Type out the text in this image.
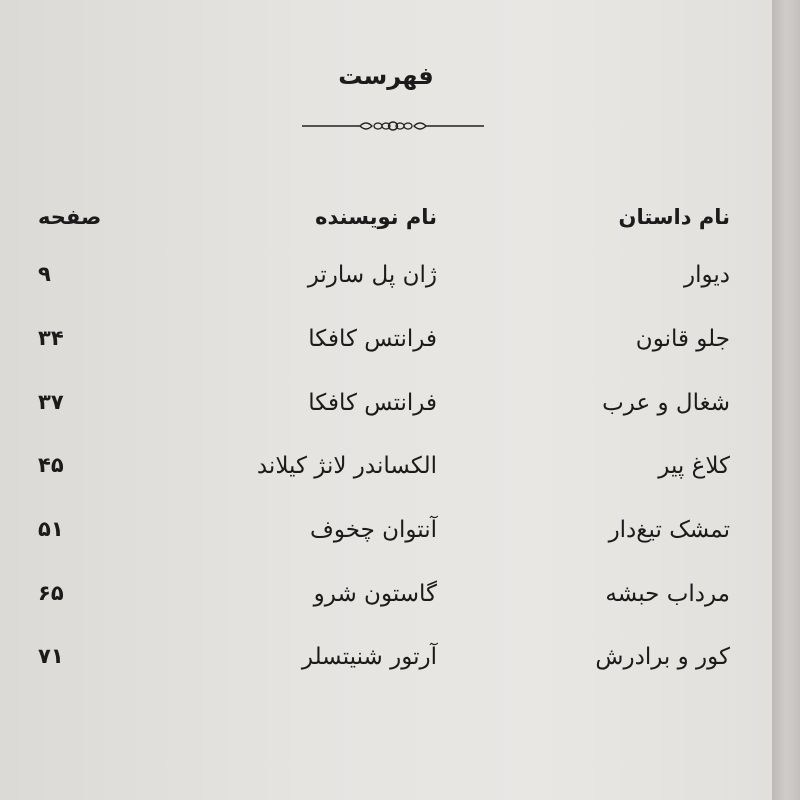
فهرست
نام داستان
نام نویسنده
صفحه
دیوار
ژان پل سارتر
۹
جلو قانون
فرانتس کافکا
۳۴
شغال و عرب
فرانتس کافکا
۳۷
کلاغ پیر
الکساندر لانژ کیلاند
۴۵
تمشک تیغ‌دار
آنتوان چخوف
۵۱
مرداب حبشه
گاستون شرو
۶۵
کور و برادرش
آرتور شنیتسلر
۷۱
